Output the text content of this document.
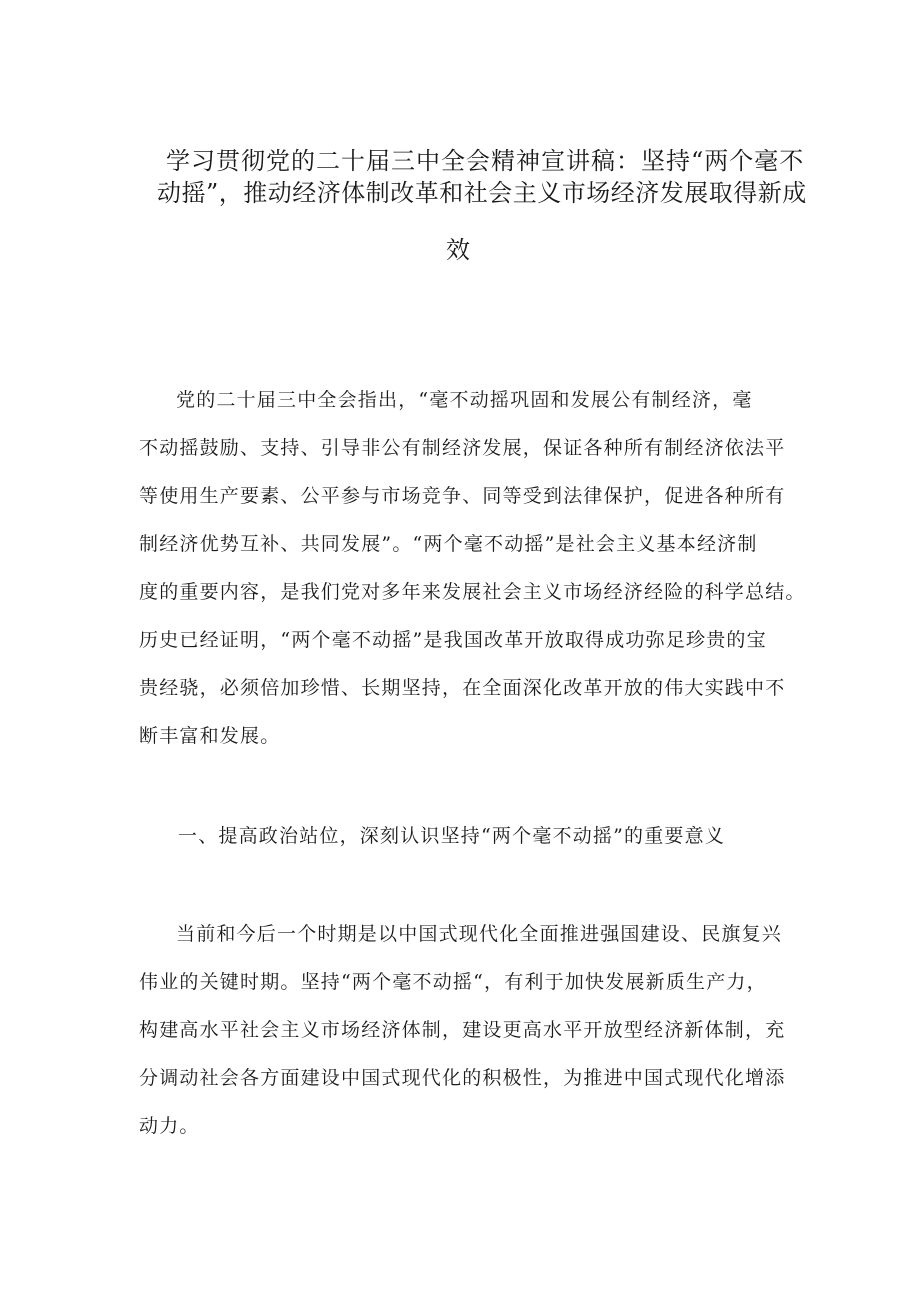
学习贯彻党的二十届三中全会精神宣讲稿：坚持“两个毫不
动摇”，推动经济体制改革和社会主义市场经济发展取得新成
效
党的二十届三中全会指出，“毫不动摇巩固和发展公有制经济，毫
不动摇鼓励、支持、引导非公有制经济发展，保证各种所有制经济依法平
等使用生产要素、公平参与市场竞争、同等受到法律保护，促进各种所有
制经济优势互补、共同发展”。“两个毫不动摇”是社会主义基本经济制
度的重要内容，是我们党对多年来发展社会主义市场经济经险的科学总结。
历史已经证明，“两个毫不动摇”是我国改革开放取得成功弥足珍贵的宝
贵经骁，必须倍加珍惜、长期坚持，在全面深化改革开放的伟大实践中不
断丰富和发展。
一、提高政治站位，深刻认识坚持“两个毫不动摇”的重要意义
当前和今后一个时期是以中国式现代化全面推进强国建设、民旗复兴
伟业的关键时期。坚持“两个毫不动摇“，有利于加快发展新质生产力，
构建高水平社会主义市场经济体制，建设更高水平开放型经济新体制，充
分调动社会各方面建设中国式现代化的积极性，为推进中国式现代化增添
动力。
